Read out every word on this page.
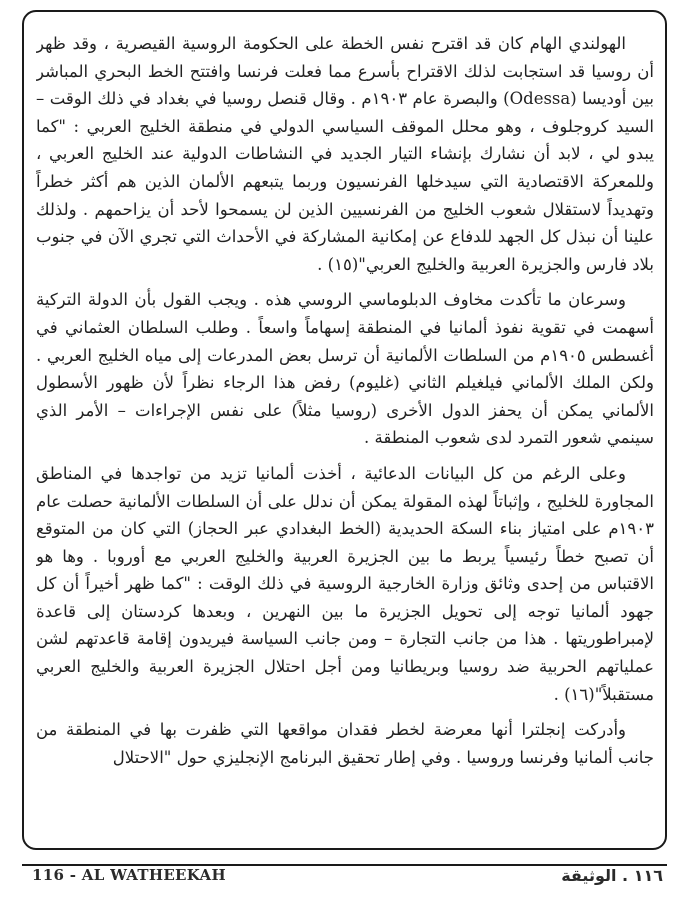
الهولندي الهام كان قد اقترح نفس الخطة على الحكومة الروسية القيصرية ، وقد ظهر أن روسيا قد استجابت لذلك الاقتراح بأسرع مما فعلت فرنسا وافتتح الخط البحري المباشر بين أوديسا (Odessa) والبصرة عام ١٩٠٣م . وقال قنصل روسيا في بغداد في ذلك الوقت – السيد كروجلوف ، وهو محلل الموقف السياسي الدولي في منطقة الخليج العربي : "كما يبدو لي ، لابد أن نشارك بإنشاء التيار الجديد في النشاطات الدولية عند الخليج العربي ، وللمعركة الاقتصادية التي سيدخلها الفرنسيون وربما يتبعهم الألمان الذين هم أكثر خطراً وتهديداً لاستقلال شعوب الخليج من الفرنسيين الذين لن يسمحوا لأحد أن يزاحمهم . ولذلك علينا أن نبذل كل الجهد للدفاع عن إمكانية المشاركة في الأحداث التي تجري الآن في جنوب بلاد فارس والجزيرة العربية والخليج العربي"(١٥) .

وسرعان ما تأكدت مخاوف الدبلوماسي الروسي هذه . ويجب القول بأن الدولة التركية أسهمت في تقوية نفوذ ألمانيا في المنطقة إسهاماً واسعاً . وطلب السلطان العثماني في أغسطس ١٩٠٥م من السلطات الألمانية أن ترسل بعض المدرعات إلى مياه الخليج العربي . ولكن الملك الألماني فيلغيلم الثاني (غليوم) رفض هذا الرجاء نظراً لأن ظهور الأسطول الألماني يمكن أن يحفز الدول الأخرى (روسيا مثلاً) على نفس الإجراءات – الأمر الذي سينمي شعور التمرد لدى شعوب المنطقة .

وعلى الرغم من كل البيانات الدعائية ، أخذت ألمانيا تزيد من تواجدها في المناطق المجاورة للخليج ، وإثباتاً لهذه المقولة يمكن أن ندلل على أن السلطات الألمانية حصلت عام ١٩٠٣م على امتياز بناء السكة الحديدية (الخط البغدادي عبر الحجاز) التي كان من المتوقع أن تصبح خطاً رئيسياً يربط ما بين الجزيرة العربية والخليج العربي مع أوروبا . وها هو الاقتباس من إحدى وثائق وزارة الخارجية الروسية في ذلك الوقت : "كما ظهر أخيراً أن كل جهود ألمانيا توجه إلى تحويل الجزيرة ما بين النهرين ، وبعدها كردستان إلى قاعدة لإمبراطوريتها . هذا من جانب التجارة – ومن جانب السياسة فيريدون إقامة قاعدتهم لشن عملياتهم الحربية ضد روسيا وبريطانيا ومن أجل احتلال الجزيرة العربية والخليج العربي مستقبلاً"(١٦) .

وأدركت إنجلترا أنها معرضة لخطر فقدان مواقعها التي ظفرت بها في المنطقة من جانب ألمانيا وفرنسا وروسيا . وفي إطار تحقيق البرنامج الإنجليزي حول "الاحتلال

116 - AL WATHEEKAH	١١٦ . الوثيقة
